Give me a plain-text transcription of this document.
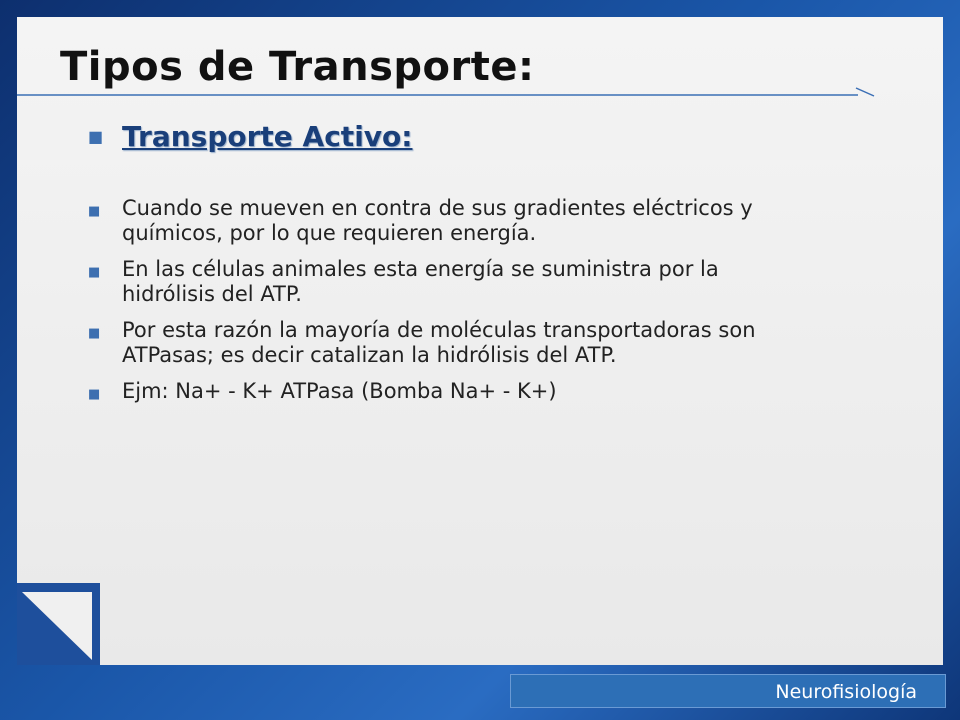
Tipos de Transporte:
■ Transporte Activo:
■ Cuando se mueven en contra de sus gradientes eléctricos y químicos, por lo que requieren energía.
■ En las células animales esta energía se suministra por la hidrólisis del ATP.
■ Por esta razón la mayoría de moléculas transportadoras son ATPasas; es decir catalizan la hidrólisis del ATP.
■ Ejm: Na+ - K+ ATPasa (Bomba Na+ - K+)
Neurofisiología
